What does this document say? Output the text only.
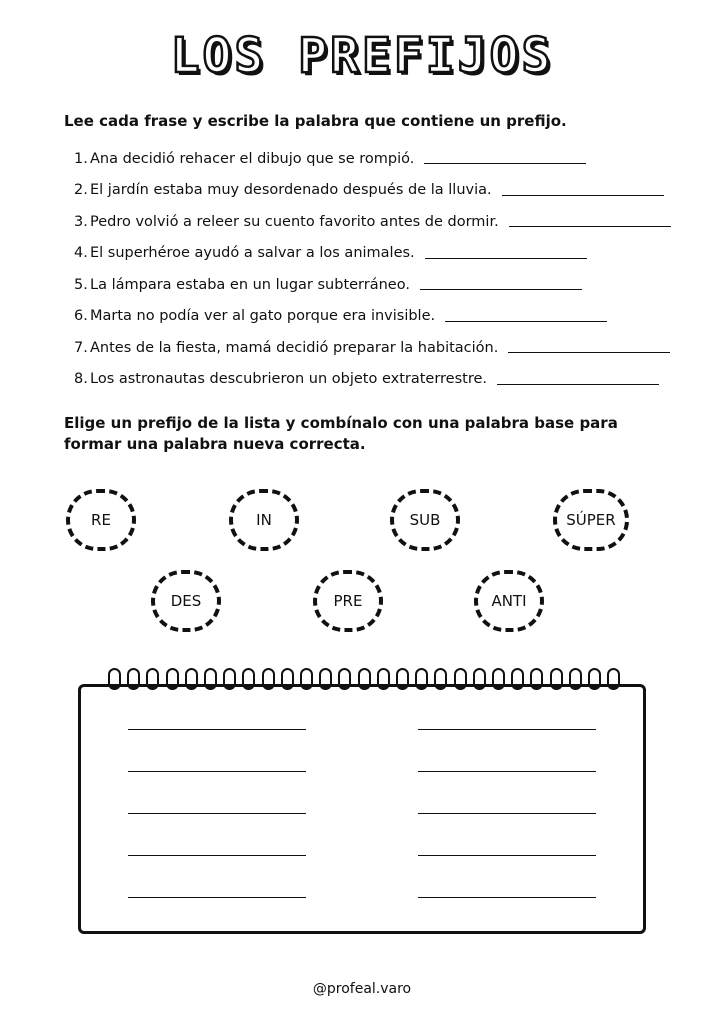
LOS PREFIJOS
Lee cada frase y escribe la palabra que contiene un prefijo.
1. Ana decidió rehacer el dibujo que se rompió.
2. El jardín estaba muy desordenado después de la lluvia.
3. Pedro volvió a releer su cuento favorito antes de dormir.
4. El superhéroe ayudó a salvar a los animales.
5. La lámpara estaba en un lugar subterráneo.
6. Marta no podía ver al gato porque era invisible.
7. Antes de la fiesta, mamá decidió preparar la habitación.
8. Los astronautas descubrieron un objeto extraterrestre.
Elige un prefijo de la lista y combínalo con una palabra base para formar una palabra nueva correcta.
RE	IN	SUB	SÚPER
DES	PRE	ANTI
@profeal.varo
